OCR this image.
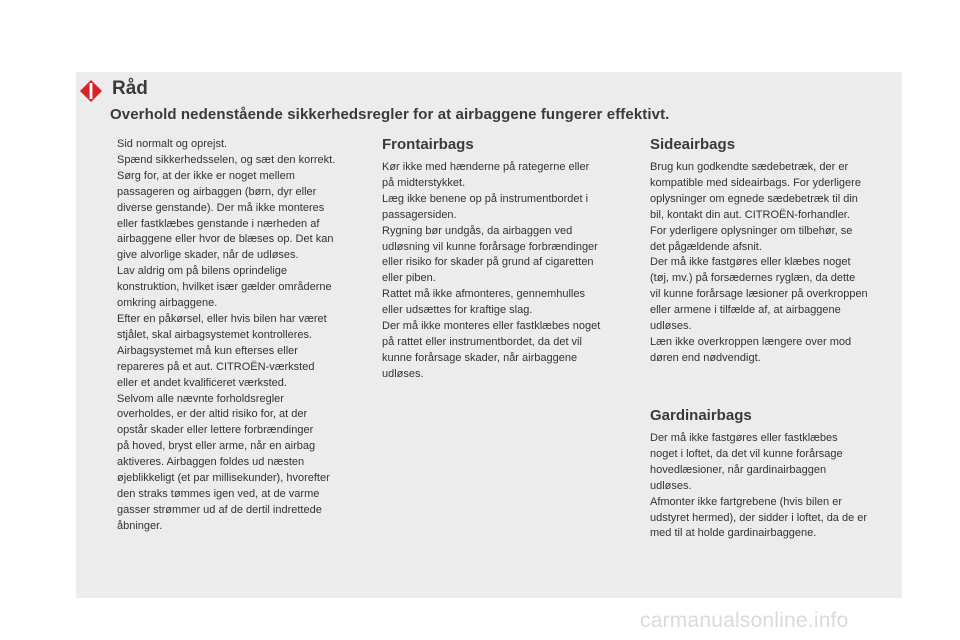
Råd
Overhold nedenstående sikkerhedsregler for at airbaggene fungerer effektivt.

Sid normalt og oprejst.

Spænd sikkerhedsselen, og sæt den korrekt.

Sørg for, at der ikke er noget mellem

passageren og airbaggen (børn, dyr eller

diverse genstande). Der må ikke monteres

eller fastklæbes genstande i nærheden af

airbaggene eller hvor de blæses op. Det kan

give alvorlige skader, når de udløses.

Lav aldrig om på bilens oprindelige

konstruktion, hvilket især gælder områderne

omkring airbaggene.

Efter en påkørsel, eller hvis bilen har været

stjålet, skal airbagsystemet kontrolleres.

Airbagsystemet må kun efterses eller

repareres på et aut. CITROËN-værksted

eller et andet kvalificeret værksted.

Selvom alle nævnte forholdsregler

overholdes, er der altid risiko for, at der

opstår skader eller lettere forbrændinger

på hoved, bryst eller arme, når en airbag

aktiveres. Airbaggen foldes ud næsten

øjeblikkeligt (et par millisekunder), hvorefter

den straks tømmes igen ved, at de varme

gasser strømmer ud af de dertil indrettede

åbninger.

Frontairbags

Kør ikke med hænderne på rategerne eller

på midterstykket.

Læg ikke benene op på instrumentbordet i

passagersiden.

Rygning bør undgås, da airbaggen ved

udløsning vil kunne forårsage forbrændinger

eller risiko for skader på grund af cigaretten

eller piben.

Rattet må ikke afmonteres, gennemhulles

eller udsættes for kraftige slag.

Der må ikke monteres eller fastklæbes noget

på rattet eller instrumentbordet, da det vil

kunne forårsage skader, når airbaggene

udløses.

Sideairbags

Brug kun godkendte sædebetræk, der er

kompatible med sideairbags. For yderligere

oplysninger om egnede sædebetræk til din

bil, kontakt din aut. CITROËN-forhandler.

For yderligere oplysninger om tilbehør, se

det pågældende afsnit.

Der må ikke fastgøres eller klæbes noget

(tøj, mv.) på forsædernes ryglæn, da dette

vil kunne forårsage læsioner på overkroppen

eller armene i tilfælde af, at airbaggene

udløses.

Læn ikke overkroppen længere over mod

døren end nødvendigt.

Gardinairbags

Der må ikke fastgøres eller fastklæbes

noget i loftet, da det vil kunne forårsage

hovedlæsioner, når gardinairbaggen

udløses.

Afmonter ikke fartgrebene (hvis bilen er

udstyret hermed), der sidder i loftet, da de er

med til at holde gardinairbaggene.

carmanualsonline.info
